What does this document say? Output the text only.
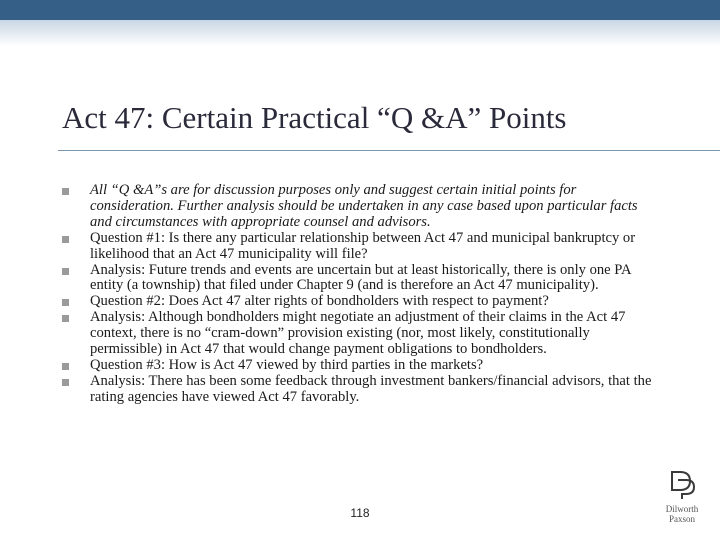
Act 47: Certain Practical “Q &A” Points
All “Q &A”s are for discussion purposes only and suggest certain initial points for consideration. Further analysis should be undertaken in any case based upon particular facts and circumstances with appropriate counsel and advisors.
Question #1: Is there any particular relationship between Act 47 and municipal bankruptcy or likelihood that an Act 47 municipality will file?
Analysis: Future trends and events are uncertain but at least historically, there is only one PA entity (a township) that filed under Chapter 9 (and is therefore an Act 47 municipality).
Question #2: Does Act 47 alter rights of bondholders with respect to payment?
Analysis: Although bondholders might negotiate an adjustment of their claims in the Act 47 context, there is no “cram-down” provision existing (nor, most likely, constitutionally permissible) in Act 47 that would change payment obligations to bondholders.
Question #3: How is Act 47 viewed by third parties in the markets?
Analysis: There has been some feedback through investment bankers/financial advisors, that the rating agencies have viewed Act 47 favorably.
118	Dilworth
Paxson
